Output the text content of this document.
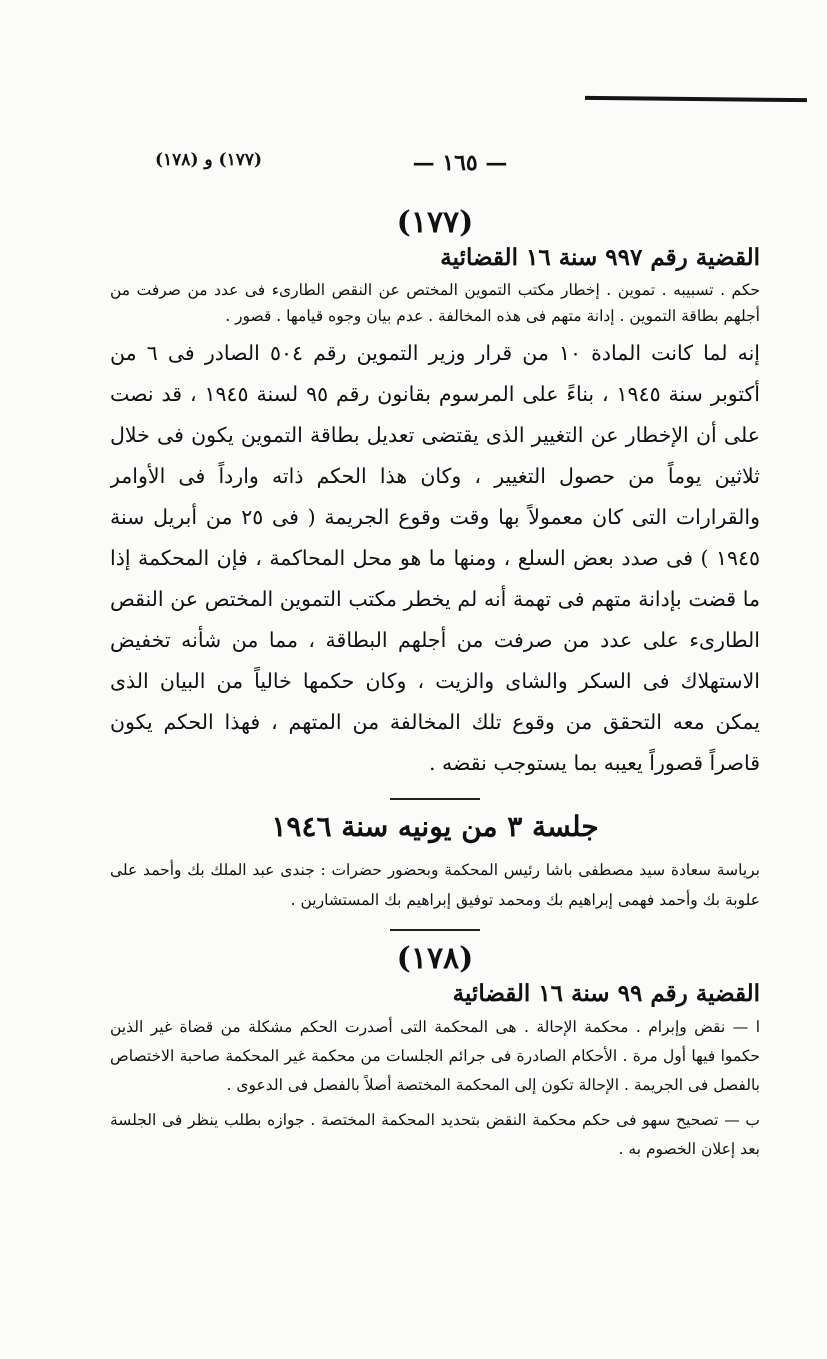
— ١٦٥ —
(١٧٧) و (١٧٨)
(١٧٧)
القضية رقم ٩٩٧ سنة ١٦ القضائية

حكم . تسبيبه . تموين . إخطار مكتب التموين المختص عن النقص الطارىء فى عدد من صرفت من أجلهم بطاقة التموين . إدانة متهم فى هذه المخالفة . عدم بيان وجوه قيامها . قصور .

إنه لما كانت المادة ١٠ من قرار وزير التموين رقم ٥٠٤ الصادر فى ٦ من أكتوبر سنة ١٩٤٥ ، بناءً على المرسوم بقانون رقم ٩٥ لسنة ١٩٤٥ ، قد نصت على أن الإخطار عن التغيير الذى يقتضى تعديل بطاقة التموين يكون فى خلال ثلاثين يوماً من حصول التغيير ، وكان هذا الحكم ذاته وارداً فى الأوامر والقرارات التى كان معمولاً بها وقت وقوع الجريمة ( فى ٢٥ من أبريل سنة ١٩٤٥ ) فى صدد بعض السلع ، ومنها ما هو محل المحاكمة ، فإن المحكمة إذا ما قضت بإدانة متهم فى تهمة أنه لم يخطر مكتب التموين المختص عن النقص الطارىء على عدد من صرفت من أجلهم البطاقة ، مما من شأنه تخفيض الاستهلاك فى السكر والشاى والزيت ، وكان حكمها خالياً من البيان الذى يمكن معه التحقق من وقوع تلك المخالفة من المتهم ، فهذا الحكم يكون قاصراً قصوراً يعيبه بما يستوجب نقضه .

جلسة ٣ من يونيه سنة ١٩٤٦

برياسة سعادة سيد مصطفى باشا رئيس المحكمة وبحضور حضرات : جندى عبد الملك بك وأحمد على علوبة بك وأحمد فهمى إبراهيم بك ومحمد توفيق إبراهيم بك المستشارين .

(١٧٨)
القضية رقم ٩٩ سنة ١٦ القضائية

ا — نقض وإبرام . محكمة الإحالة . هى المحكمة التى أصدرت الحكم مشكلة من قضاة غير الذين حكموا فيها أول مرة . الأحكام الصادرة فى جرائم الجلسات من محكمة غير المحكمة صاحبة الاختصاص بالفصل فى الجريمة . الإحالة تكون إلى المحكمة المختصة أصلاً بالفصل فى الدعوى .

ب — تصحيح سهو فى حكم محكمة النقض بتحديد المحكمة المختصة . جوازه بطلب ينظر فى الجلسة بعد إعلان الخصوم به .
